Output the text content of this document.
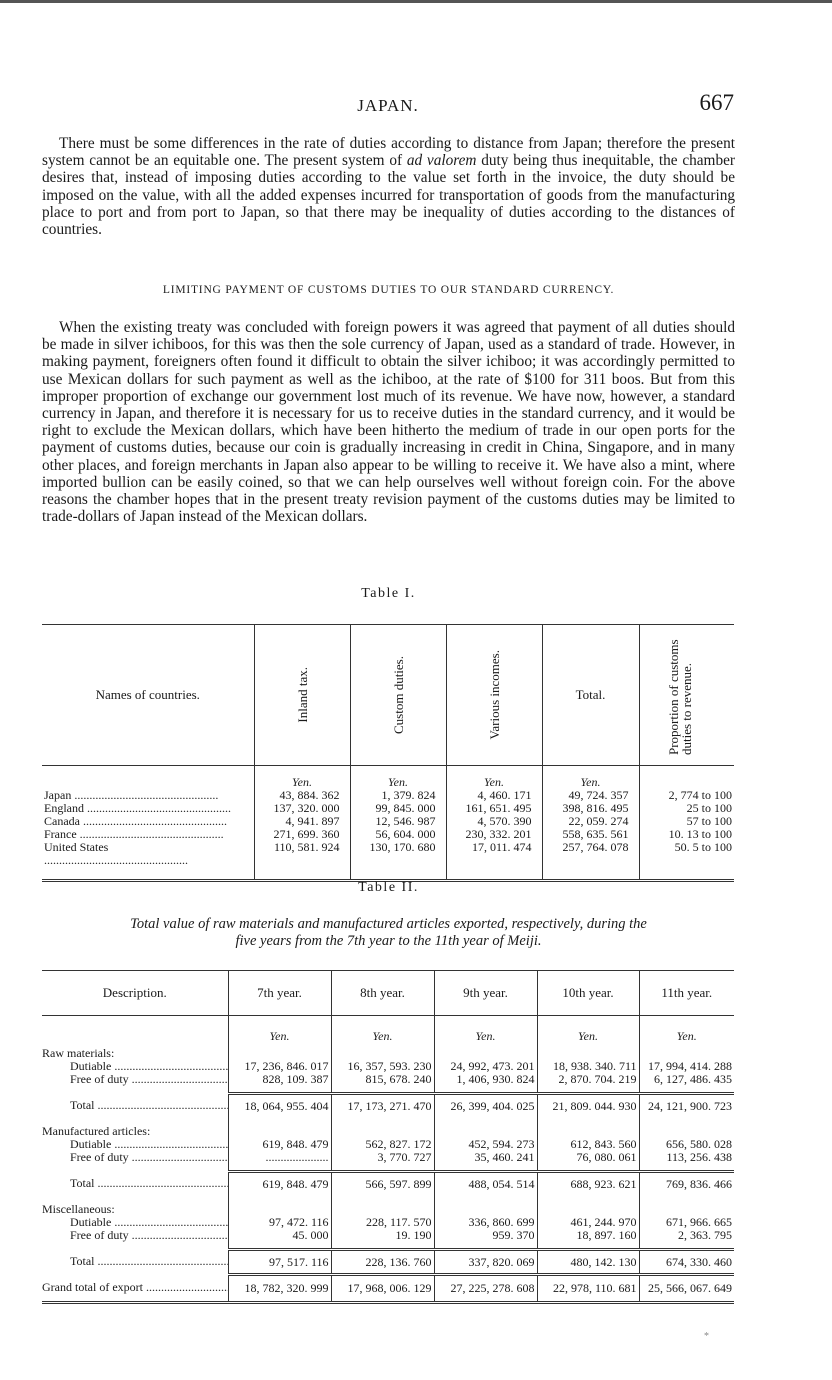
JAPAN.	667

There must be some differences in the rate of duties according to distance from Japan; therefore the present system cannot be an equitable one. The present system of ad valorem duty being thus inequitable, the chamber desires that, instead of imposing duties according to the value set forth in the invoice, the duty should be imposed on the value, with all the added expenses incurred for transportation of goods from the manufacturing place to port and from port to Japan, so that there may be inequality of duties according to the distances of countries.

LIMITING PAYMENT OF CUSTOMS DUTIES TO OUR STANDARD CURRENCY.

When the existing treaty was concluded with foreign powers it was agreed that payment of all duties should be made in silver ichiboos, for this was then the sole currency of Japan, used as a standard of trade. However, in making payment, foreigners often found it difficult to obtain the silver ichiboo; it was accordingly permitted to use Mexican dollars for such payment as well as the ichiboo, at the rate of $100 for 311 boos. But from this improper proportion of exchange our government lost much of its revenue. We have now, however, a standard currency in Japan, and therefore it is necessary for us to receive duties in the standard currency, and it would be right to exclude the Mexican dollars, which have been hitherto the medium of trade in our open ports for the payment of customs duties, because our coin is gradually increasing in credit in China, Singapore, and in many other places, and foreign merchants in Japan also appear to be willing to receive it. We have also a mint, where imported bullion can be easily coined, so that we can help ourselves well without foreign coin. For the above reasons the chamber hopes that in the present treaty revision payment of the customs duties may be limited to trade-dollars of Japan instead of the Mexican dollars.

Table I.
Names of countries.	Inland tax.	Custom duties.	Various incomes.	Total.	Proportion of customs duties to revenue.

	Yen.	Yen.	Yen.	Yen.	
Japan .....	43, 884. 362	1, 379. 824	4, 460. 171	49, 724. 357	2, 774 to 100
England .....	137, 320. 000	99, 845. 000	161, 651. 495	398, 816. 495	25 to 100
Canada .....	4, 941. 897	12, 546. 987	4, 570. 390	22, 059. 274	57 to 100
France .....	271, 699. 360	56, 604. 000	230, 332. 201	558, 635. 561	10. 13 to 100
United States .....	110, 581. 924	130, 170. 680	17, 011. 474	257, 764. 078	50. 5 to 100
Table II.
Total value of raw materials and manufactured articles exported, respectively, during the
five years from the 7th year to the 11th year of Meiji.
Description.	7th year.	8th year.	9th year.	10th year.	11th year.
	Yen.	Yen.	Yen.	Yen.	Yen.
Raw materials:					
Dutiable .....	17, 236, 846. 017	16, 357, 593. 230	24, 992, 473. 201	18, 938. 340. 711	17, 994, 414. 288
Free of duty .....	828, 109. 387	815, 678. 240	1, 406, 930. 824	2, 870. 704. 219	6, 127, 486. 435

Total .....	18, 064, 955. 404	17, 173, 271. 470	26, 399, 404. 025	21, 809. 044. 930	24, 121, 900. 723
Manufactured articles:					
Dutiable .....	619, 848. 479	562, 827. 172	452, 594. 273	612, 843. 560	656, 580. 028
Free of duty .....	.....................	3, 770. 727	35, 460. 241	76, 080. 061	113, 256. 438

Total .....	619, 848. 479	566, 597. 899	488, 054. 514	688, 923. 621	769, 836. 466
Miscellaneous:					
Dutiable .....	97, 472. 116	228, 117. 570	336, 860. 699	461, 244. 970	671, 966. 665
Free of duty .....	45. 000	19. 190	959. 370	18, 897. 160	2, 363. 795

Total .....	97, 517. 116	228, 136. 760	337, 820. 069	480, 142. 130	674, 330. 460
Grand total of export .....	18, 782, 320. 999	17, 968, 006. 129	27, 225, 278. 608	22, 978, 110. 681	25, 566, 067. 649
*
